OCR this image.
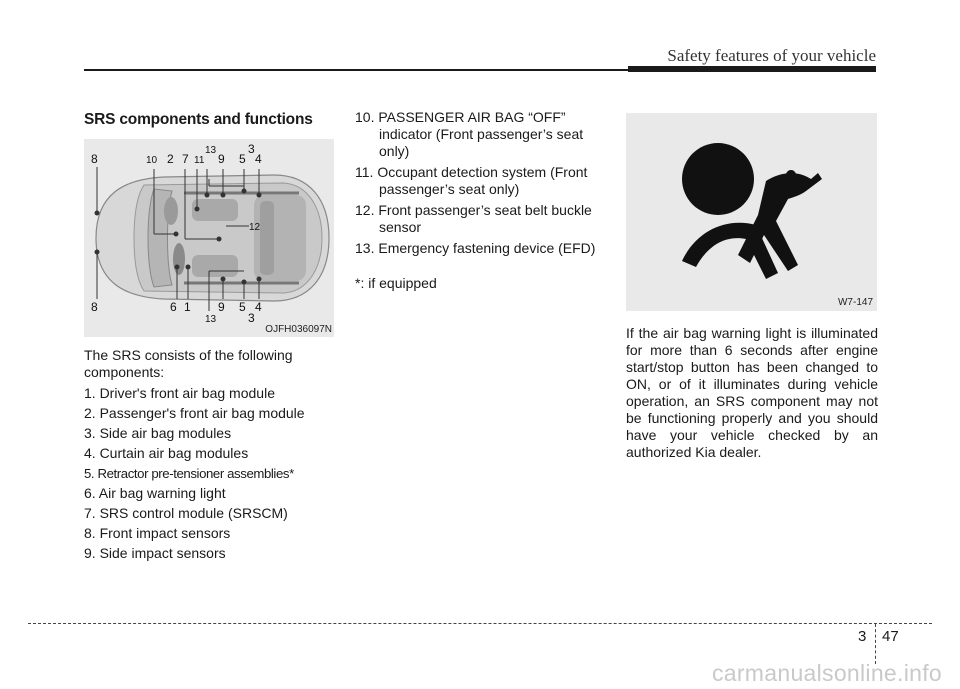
Safety features of your vehicle
SRS components and functions
8	10 2 7 11
13
9
3
5 4
12
8	6 1 9 5 4
13	3
OJFH036097N

The SRS consists of the following components:

1. Driver's front air bag module
2. Passenger's front air bag module
3. Side air bag modules
4. Curtain air bag modules
5. Retractor pre-tensioner assemblies*
6. Air bag warning light
7. SRS control module (SRSCM)
8. Front impact sensors
9. Side impact sensors
10. PASSENGER AIR BAG “OFF” indicator (Front passenger’s seat only)
11. Occupant detection system (Front passenger’s seat only)
12. Front passenger’s seat belt buckle sensor
13. Emergency fastening device (EFD)
*: if equipped
W7-147

If the air bag warning light is illuminated for more than 6 seconds after engine start/stop button has been changed to ON, or of it illuminates during vehicle operation, an SRS component may not be functioning properly and you should have your vehicle checked by an authorized Kia dealer.

3 47
carmanualsonline.info
